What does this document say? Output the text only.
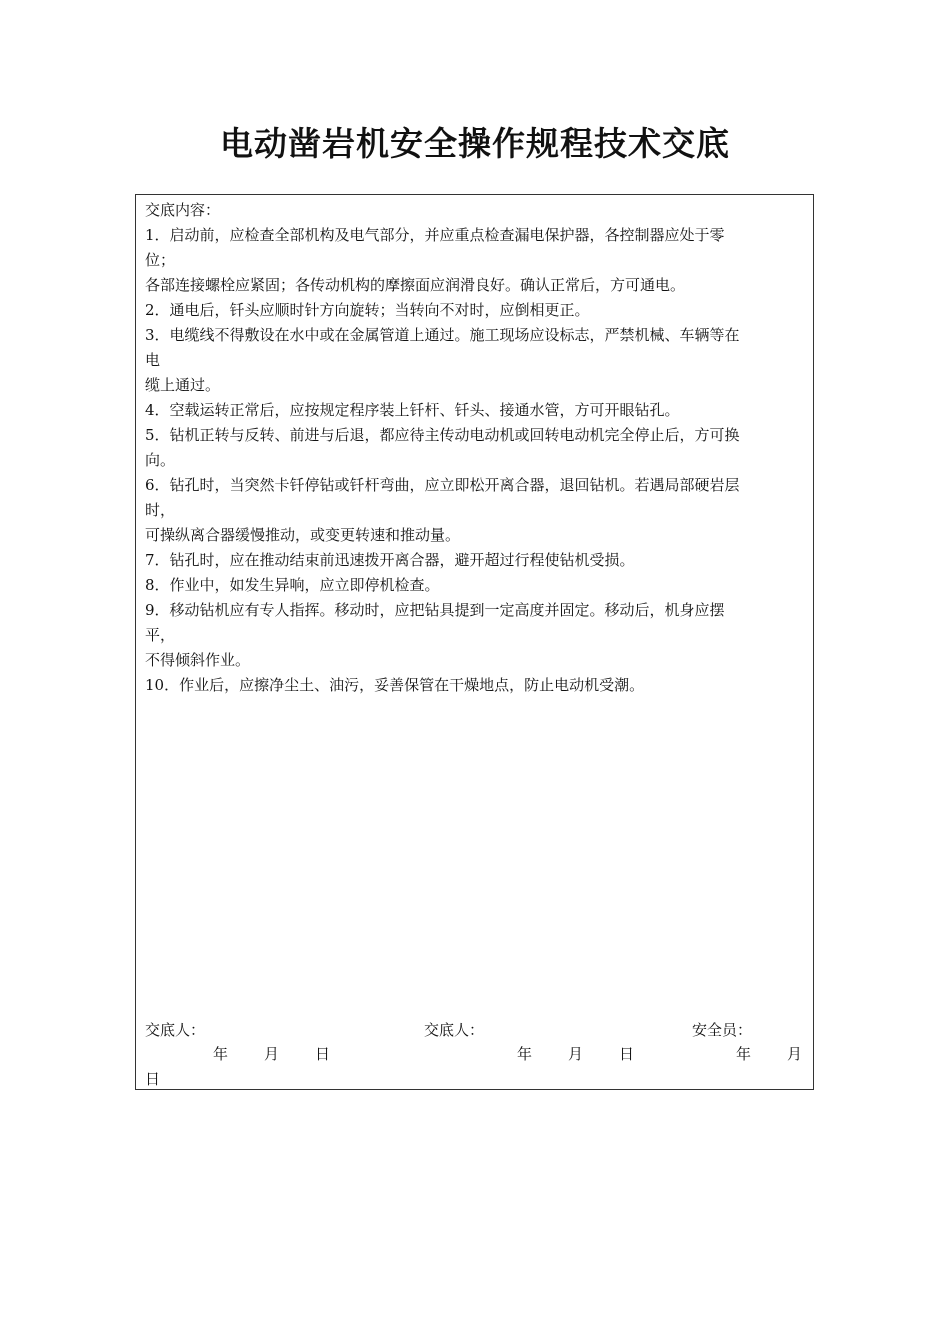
电动凿岩机安全操作规程技术交底
交底内容：
1．启动前，应检查全部机构及电气部分，并应重点检查漏电保护器，各控制器应处于零
位；
各部连接螺栓应紧固；各传动机构的摩擦面应润滑良好。确认正常后，方可通电。
2．通电后，钎头应顺时针方向旋转；当转向不对时，应倒相更正。
3．电缆线不得敷设在水中或在金属管道上通过。施工现场应设标志，严禁机械、车辆等在
电
缆上通过。
4．空载运转正常后，应按规定程序装上钎杆、钎头、接通水管，方可开眼钻孔。
5．钻机正转与反转、前进与后退，都应待主传动电动机或回转电动机完全停止后，方可换
向。
6．钻孔时，当突然卡钎停钻或钎杆弯曲，应立即松开离合器，退回钻机。若遇局部硬岩层
时，
可操纵离合器缓慢推动，或变更转速和推动量。
7．钻孔时，应在推动结束前迅速拨开离合器，避开超过行程使钻机受损。
8．作业中，如发生异响，应立即停机检查。
9．移动钻机应有专人指挥。移动时，应把钻具提到一定高度并固定。移动后，机身应摆
平，
不得倾斜作业。
10．作业后，应擦净尘土、油污，妥善保管在干燥地点，防止电动机受潮。
交底人：	交底人：	安全员：
年 月 日	年 月 日	年 月
日
